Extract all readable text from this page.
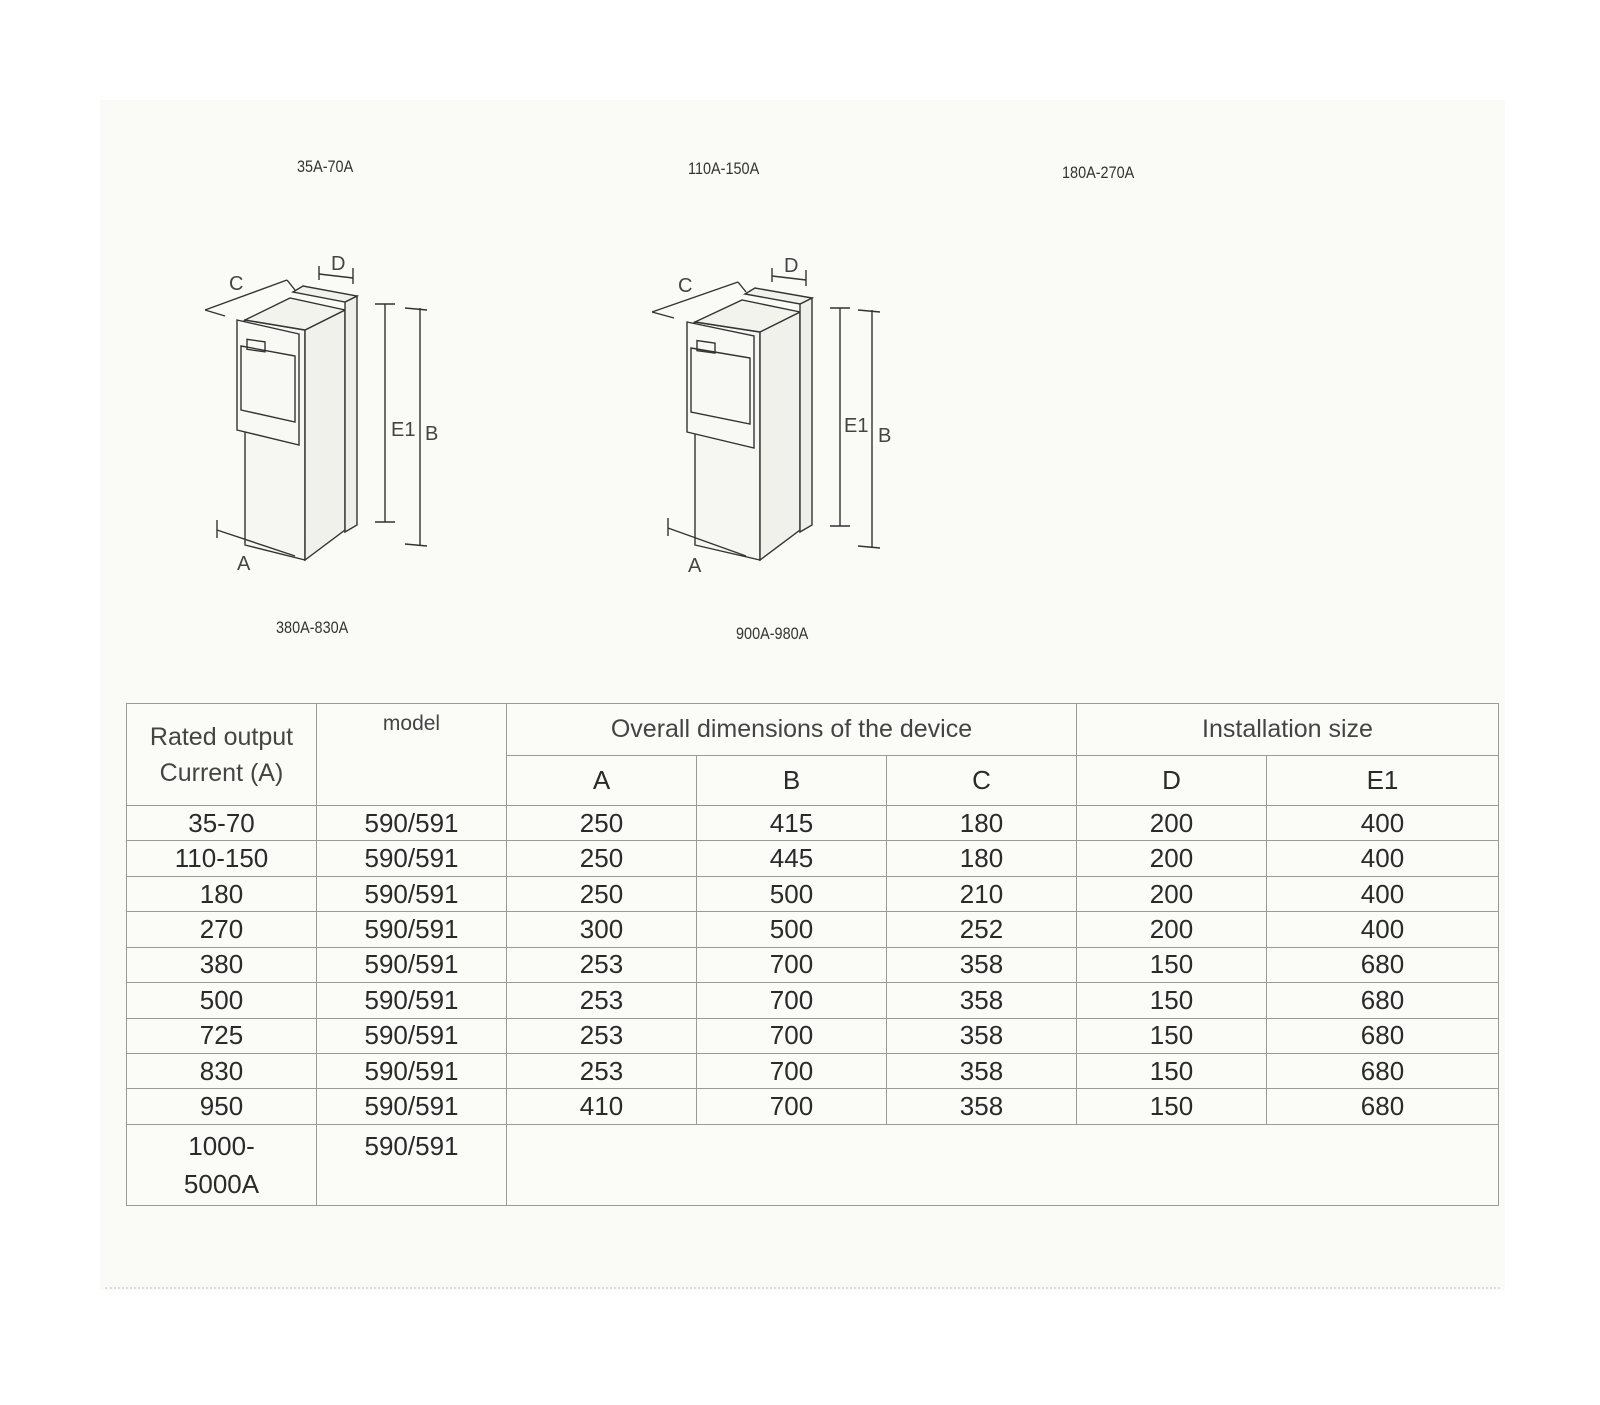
35A-70A	110A-150A	180A-270A
380A-830A	900A-980A
C
D
E1 B
A
C
D
E1 B
A
Rated output
Current (A)	model	Overall dimensions of the device			Installation size	
		A	B	C	D	E1
35-70	590/591	250	415	180	200	400
110-150	590/591	250	445	180	200	400
180	590/591	250	500	210	200	400
270	590/591	300	500	252	200	400
380	590/591	253	700	358	150	680
500	590/591	253	700	358	150	680
725	590/591	253	700	358	150	680
830	590/591	253	700	358	150	680
950	590/591	410	700	358	150	680

1000-
5000A	590/591					
